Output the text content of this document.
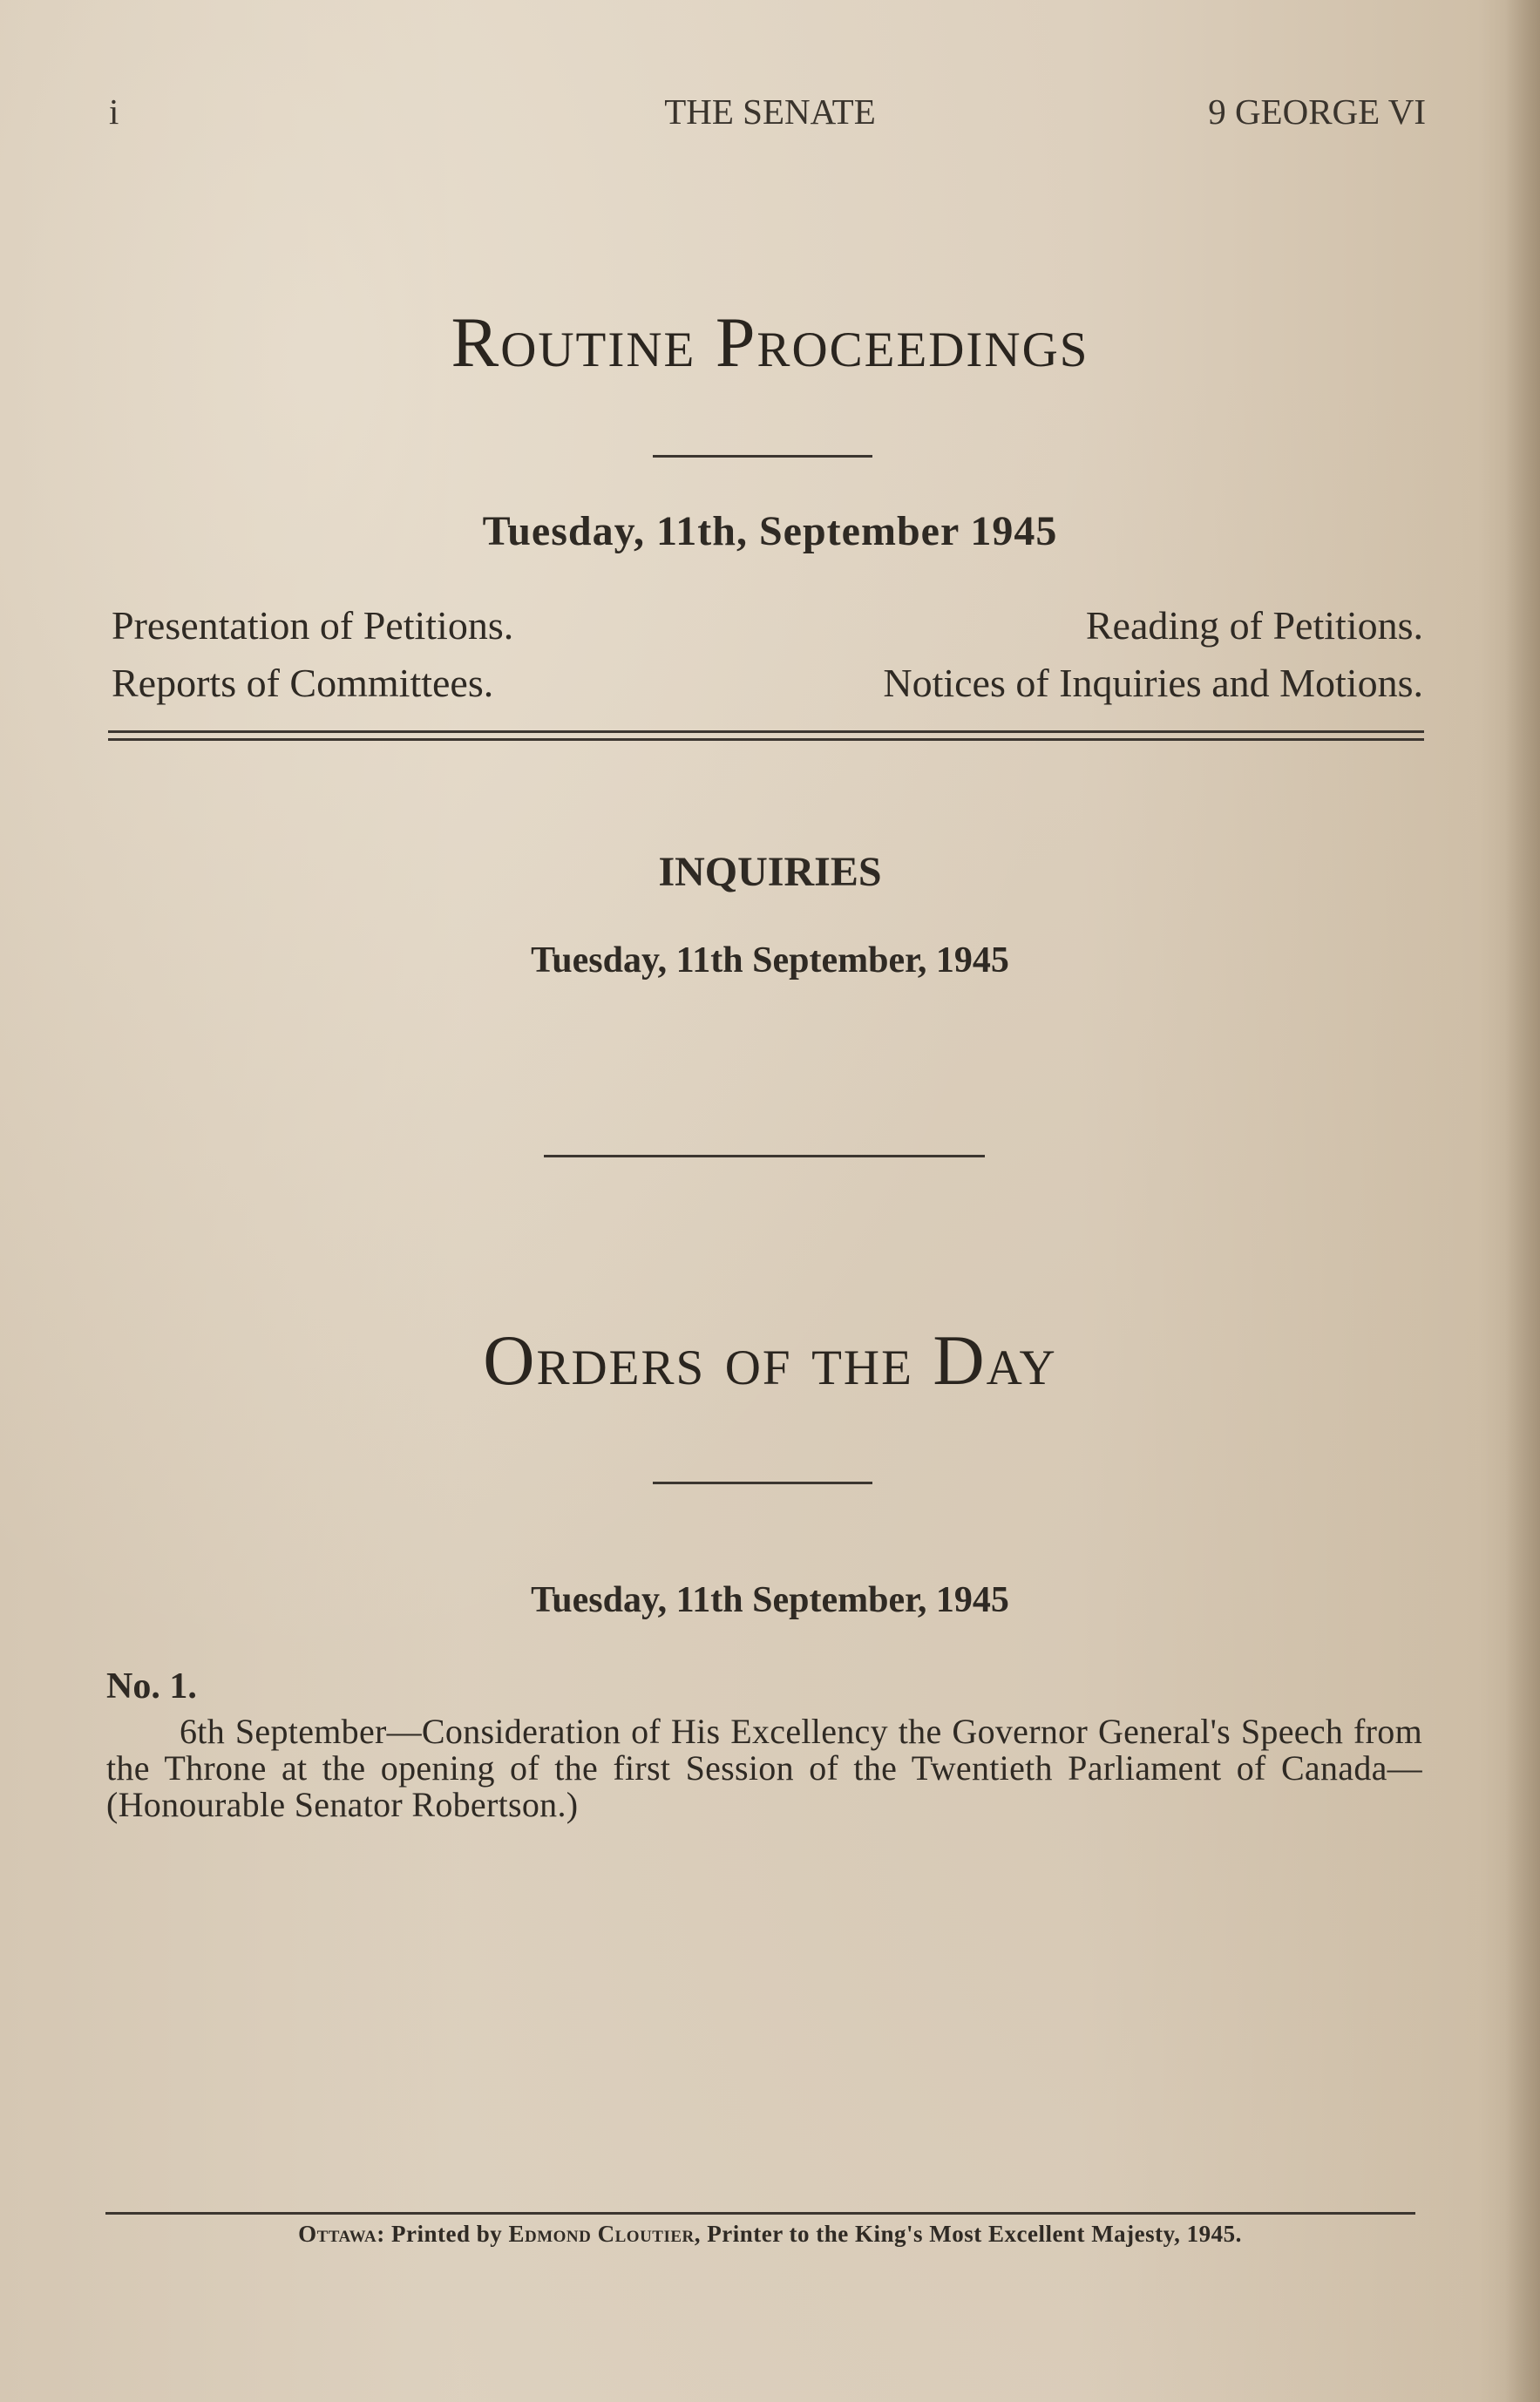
i	THE SENATE	9 GEORGE VI
Routine Proceedings
Tuesday, 11th, September 1945
Presentation of Petitions.	Reading of Petitions.
Reports of Committees.	Notices of Inquiries and Motions.
INQUIRIES
Tuesday, 11th September, 1945
Orders of the Day
Tuesday, 11th September, 1945
No. 1.
6th September—Consideration of His Excellency the Governor General's Speech from the Throne at the opening of the first Session of the Twentieth Parliament of Canada—(Honourable Senator Robertson.)
Ottawa: Printed by Edmond Cloutier, Printer to the King's Most Excellent Majesty, 1945.
